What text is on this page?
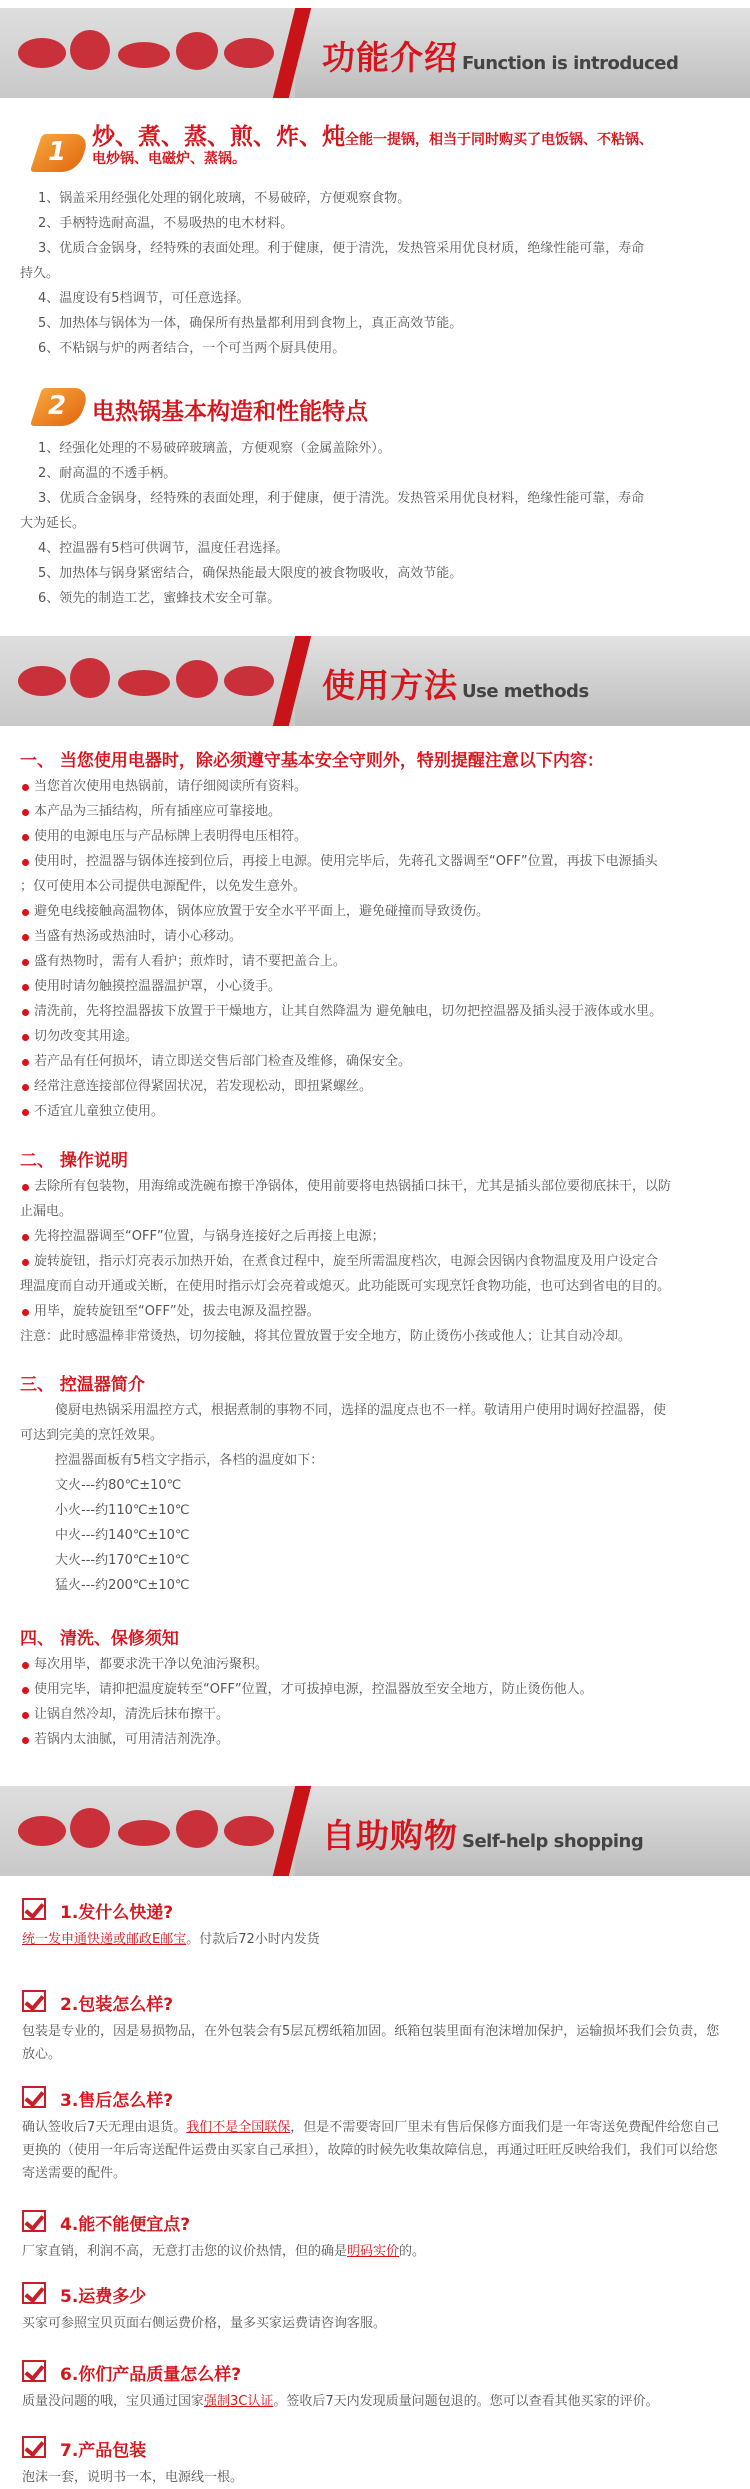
功能介绍 Function is introduced
1 炒、煮、蒸、煎、炸、炖全能一提锅，相当于同时购买了电饭锅、不粘锅、
电炒锅、电磁炉、蒸锅。
1、锅盖采用经强化处理的钢化玻璃，不易破碎，方便观察食物。
2、手柄特选耐高温，不易吸热的电木材料。
3、优质合金锅身，经特殊的表面处理。利于健康，便于清洗，发热管采用优良材质，绝缘性能可靠，寿命
持久。
4、温度设有5档调节，可任意选择。
5、加热体与锅体为一体，确保所有热量都利用到食物上，真正高效节能。
6、不粘锅与炉的两者结合，一个可当两个厨具使用。
2 电热锅基本构造和性能特点
1、经强化处理的不易破碎玻璃盖，方便观察（金属盖除外）。
2、耐高温的不透手柄。
3、优质合金锅身，经特殊的表面处理，利于健康，便于清洗。发热管采用优良材料，绝缘性能可靠，寿命
大为延长。
4、控温器有5档可供调节，温度任君选择。
5、加热体与锅身紧密结合，确保热能最大限度的被食物吸收，高效节能。
6、领先的制造工艺，蜜蜂技术安全可靠。
使用方法 Use methods
一、 当您使用电器时，除必须遵守基本安全守则外，特别提醒注意以下内容：
当您首次使用电热锅前，请仔细阅读所有资料。
本产品为三插结构，所有插座应可靠接地。
使用的电源电压与产品标牌上表明得电压相符。
使用时，控温器与锅体连接到位后，再接上电源。使用完毕后，先蒋孔文器调至“OFF”位置，再拔下电源插头
；仅可使用本公司提供电源配件，以免发生意外。
避免电线接触高温物体，锅体应放置于安全水平平面上，避免碰撞而导致烫伤。
当盛有热汤或热油时，请小心移动。
盛有热物时，需有人看护；煎炸时，请不要把盖合上。
使用时请勿触摸控温器温护罩，小心烫手。
清洗前，先将控温器拔下放置于干燥地方，让其自然降温为 避免触电，切勿把控温器及插头浸于液体或水里。
切勿改变其用途。
若产品有任何损坏，请立即送交售后部门检查及维修，确保安全。
经常注意连接部位得紧固状况，若发现松动，即扭紧螺丝。
不适宜儿童独立使用。
二、 操作说明
去除所有包装物，用海绵或洗碗布擦干净锅体，使用前要将电热锅插口抹干，尤其是插头部位要彻底抹干，以防
止漏电。
先将控温器调至“OFF”位置，与锅身连接好之后再接上电源；
旋转旋钮，指示灯亮表示加热开始，在煮食过程中，旋至所需温度档次，电源会因锅内食物温度及用户设定合
理温度而自动开通或关断，在使用时指示灯会亮着或熄灭。此功能既可实现烹饪食物功能，也可达到省电的目的。
用毕，旋转旋钮至“OFF”处，拔去电源及温控器。
注意：此时感温棒非常烫热，切勿接触，将其位置放置于安全地方，防止烫伤小孩或他人；让其自动冷却。
三、 控温器简介
傻厨电热锅采用温控方式，根据煮制的事物不同，选择的温度点也不一样。敬请用户使用时调好控温器，使
可达到完美的烹饪效果。
控温器面板有5档文字指示，各档的温度如下：
文火---约80℃±10℃
小火---约110℃±10℃
中火---约140℃±10℃
大火---约170℃±10℃
猛火---约200℃±10℃
四、 清洗、保修须知
每次用毕，都要求洗干净以免油污聚积。
使用完毕，请抑把温度旋转至“OFF”位置，才可拔掉电源，控温器放至安全地方，防止烫伤他人。
让锅自然冷却，清洗后抹布擦干。
若锅内太油腻，可用清洁剂洗净。
自助购物 Self-help shopping
1.发什么快递?
统一发申通快递或邮政E邮宝。付款后72小时内发货
2.包装怎么样?
包装是专业的，因是易损物品，在外包装会有5层瓦楞纸箱加固。纸箱包装里面有泡沫增加保护，运输损坏我们会负责，您放心。
3.售后怎么样?
确认签收后7天无理由退货。我们不是全国联保，但是不需要寄回厂里未有售后保修方面我们是一年寄送免费配件给您自己更换的（使用一年后寄送配件运费由买家自己承担），故障的时候先收集故障信息，再通过旺旺反映给我们，我们可以给您寄送需要的配件。
4.能不能便宜点?
厂家直销，利润不高，无意打击您的议价热情，但的确是明码实价的。
5.运费多少
买家可参照宝贝页面右侧运费价格，量多买家运费请咨询客服。
6.你们产品质量怎么样?
质量没问题的哦，宝贝通过国家强制3C认证。签收后7天内发现质量问题包退的。您可以查看其他买家的评价。
7.产品包装
泡沫一套，说明书一本，电源线一根。
